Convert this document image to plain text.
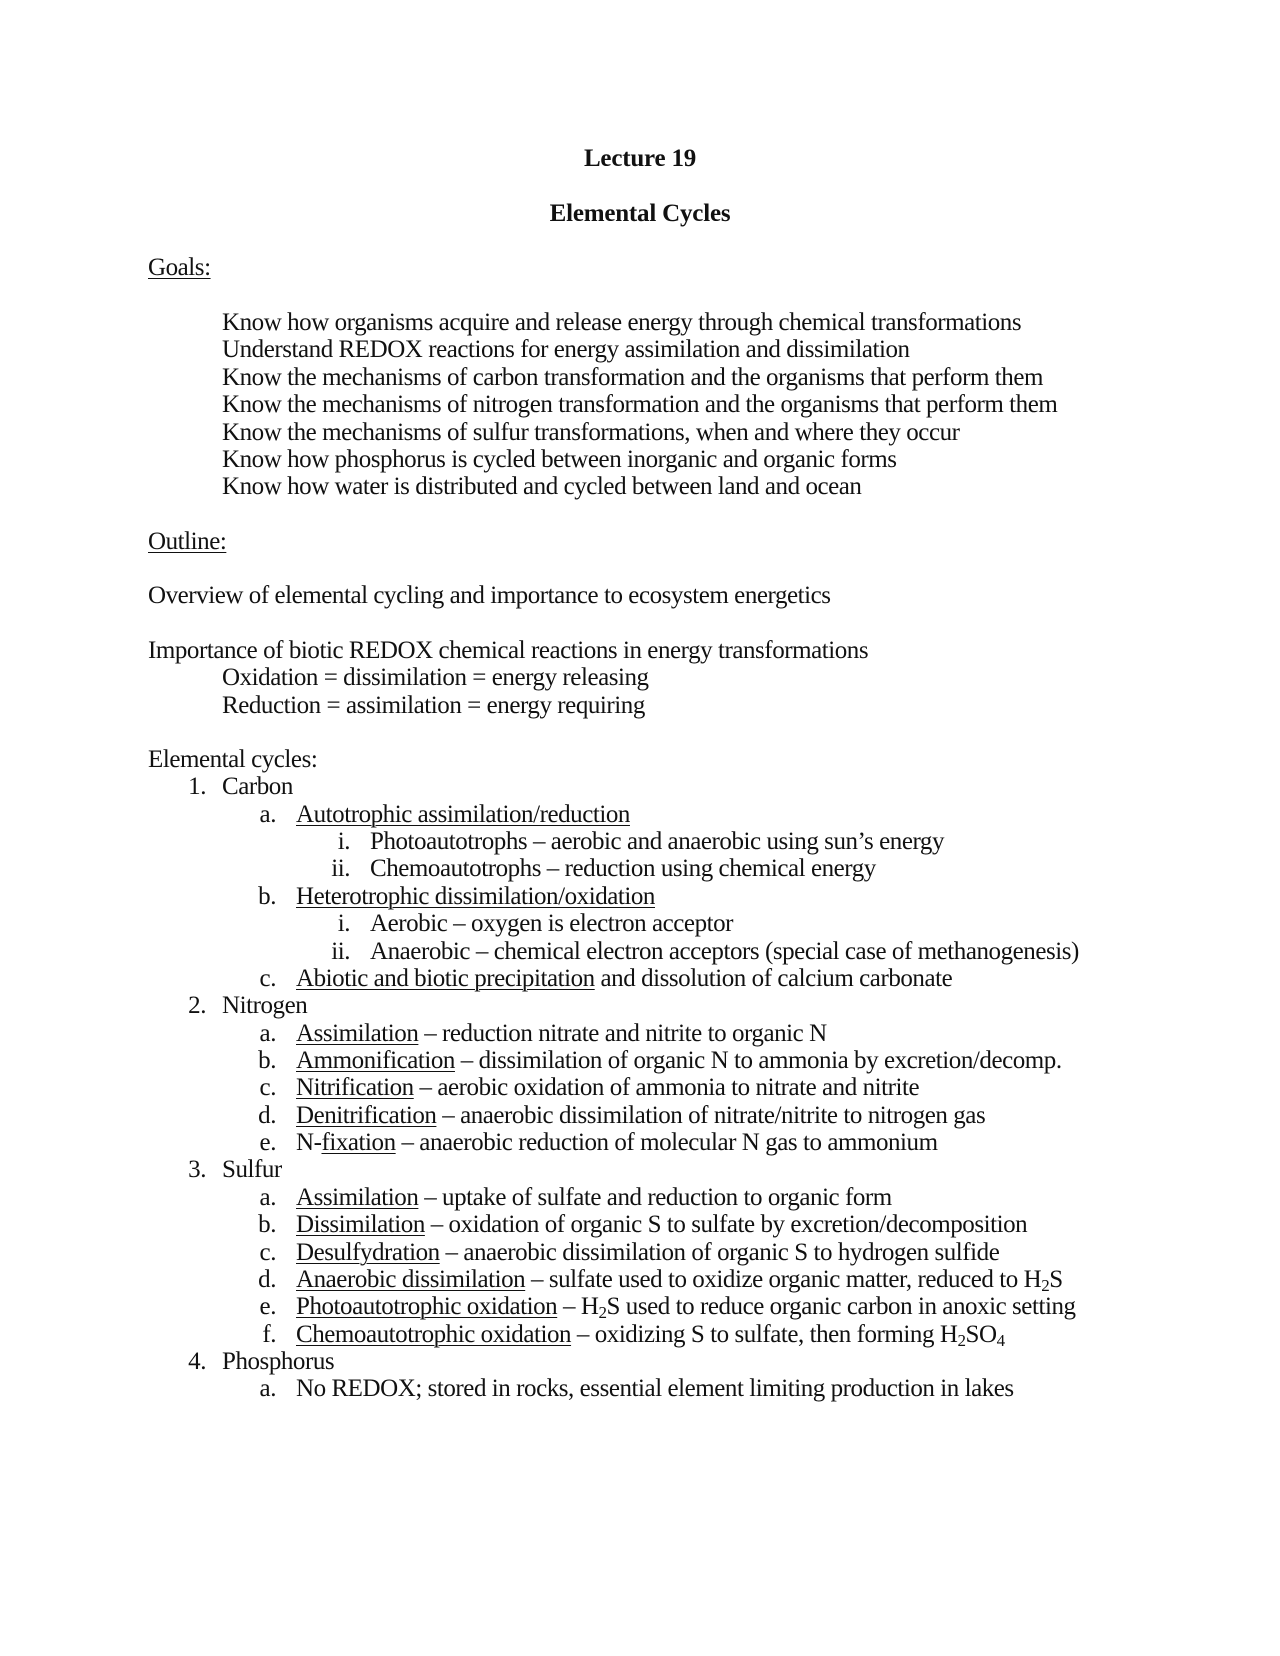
Lecture 19
Elemental Cycles
Goals:
Know how organisms acquire and release energy through chemical transformations
Understand REDOX reactions for energy assimilation and dissimilation
Know the mechanisms of carbon transformation and the organisms that perform them
Know the mechanisms of nitrogen transformation and the organisms that perform them
Know the mechanisms of sulfur transformations, when and where they occur
Know how phosphorus is cycled between inorganic and organic forms
Know how water is distributed and cycled between land and ocean
Outline:
Overview of elemental cycling and importance to ecosystem energetics
Importance of biotic REDOX chemical reactions in energy transformations
Oxidation = dissimilation = energy releasing
Reduction = assimilation = energy requiring
Elemental cycles:
1. Carbon
a. Autotrophic assimilation/reduction
i. Photoautotrophs – aerobic and anaerobic using sun’s energy
ii. Chemoautotrophs – reduction using chemical energy
b. Heterotrophic dissimilation/oxidation
i. Aerobic – oxygen is electron acceptor
ii. Anaerobic – chemical electron acceptors (special case of methanogenesis)
c. Abiotic and biotic precipitation and dissolution of calcium carbonate
2. Nitrogen
a. Assimilation – reduction nitrate and nitrite to organic N
b. Ammonification – dissimilation of organic N to ammonia by excretion/decomp.
c. Nitrification – aerobic oxidation of ammonia to nitrate and nitrite
d. Denitrification – anaerobic dissimilation of nitrate/nitrite to nitrogen gas
e. N-fixation – anaerobic reduction of molecular N gas to ammonium
3. Sulfur
a. Assimilation – uptake of sulfate and reduction to organic form
b. Dissimilation – oxidation of organic S to sulfate by excretion/decomposition
c. Desulfydration – anaerobic dissimilation of organic S to hydrogen sulfide
d. Anaerobic dissimilation – sulfate used to oxidize organic matter, reduced to $H_2S$
e. Photoautotrophic oxidation – $H_2S$ used to reduce organic carbon in anoxic setting
f. Chemoautotrophic oxidation – oxidizing S to sulfate, then forming $H_2SO_4$
4. Phosphorus
a. No REDOX; stored in rocks, essential element limiting production in lakes
